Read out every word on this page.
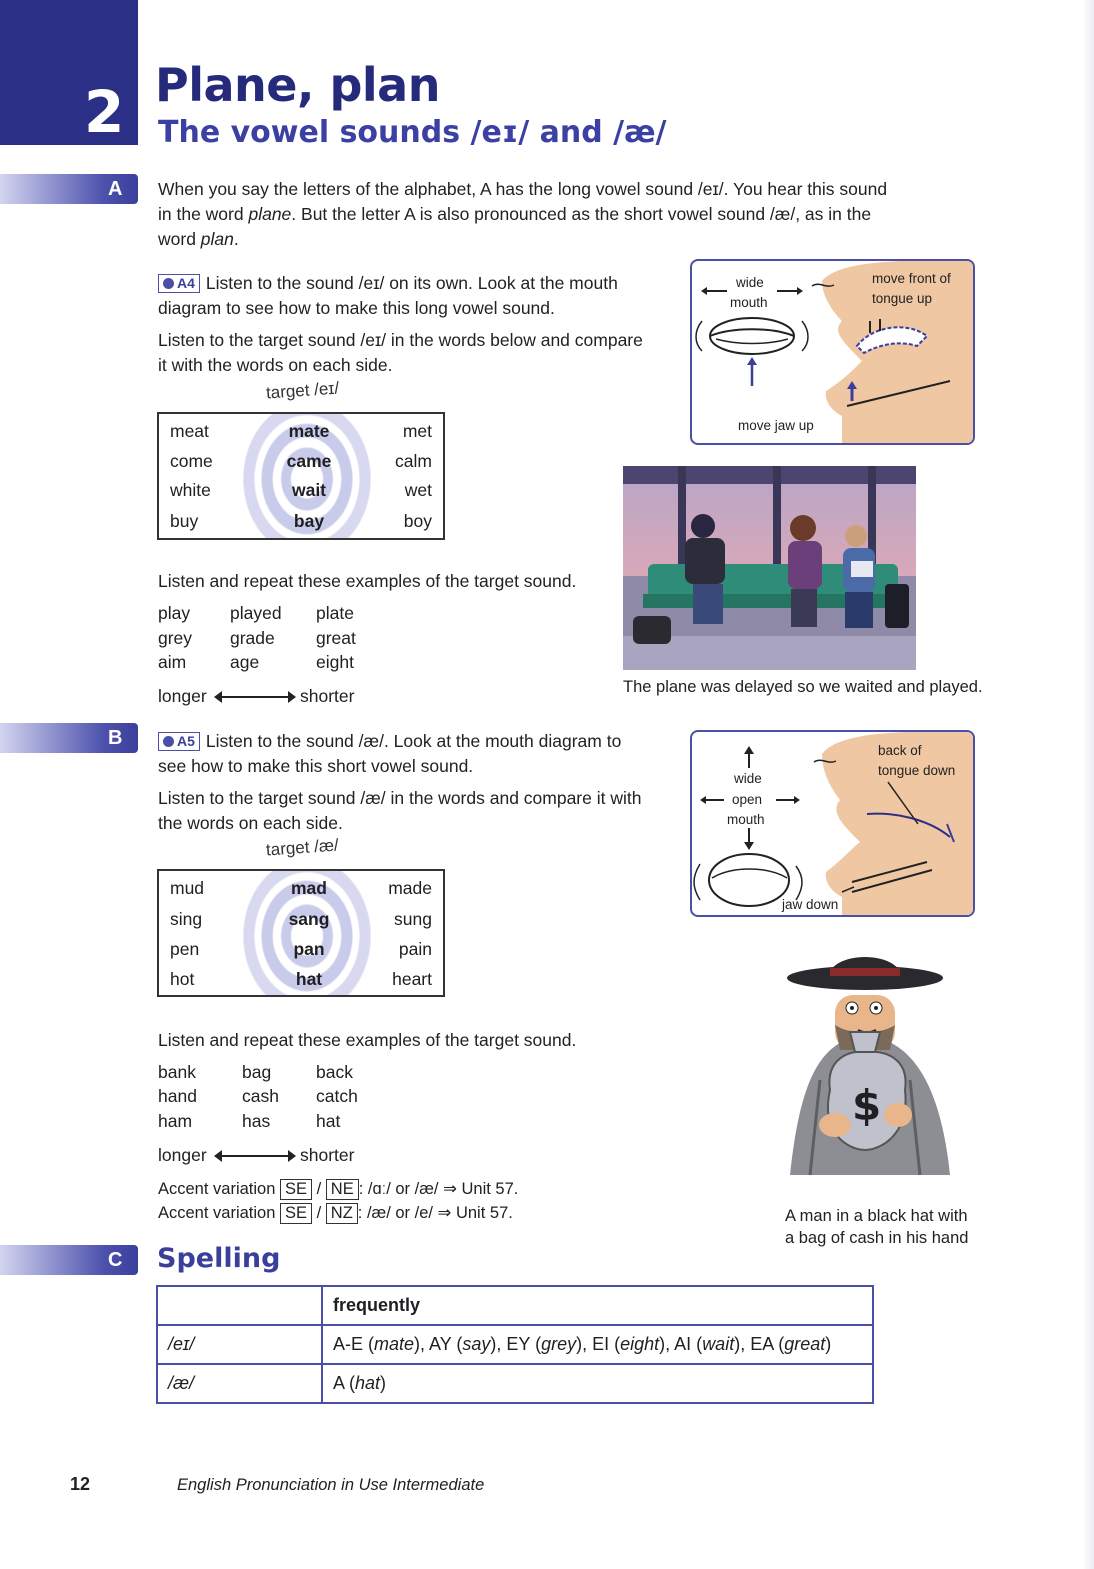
2 Plane, plan
The vowel sounds /eɪ/ and /æ/
A When you say the letters of the alphabet, A has the long vowel sound /eɪ/. You hear this sound
in the word plane. But the letter A is also pronounced as the short vowel sound /æ/, as in the
word plan.
A4 Listen to the sound /eɪ/ on its own. Look at the mouth
diagram to see how to make this long vowel sound.
Listen to the target sound /eɪ/ in the words below and compare
it with the words on each side.
target /eɪ/
meat	mate	met
come	came	calm
white	wait	wet
buy	bay	boy
Listen and repeat these examples of the target sound.
play played plate
grey grade great
aim	age	eight
longer	shorter
wide
mouth
move front of
tongue up
move jaw up
The plane was delayed so we waited and played.
B	A5 Listen to the sound /æ/. Look at the mouth diagram to
see how to make this short vowel sound.
Listen to the target sound /æ/ in the words and compare it with
the words on each side.
target /æ/
mud	mad	made
sing	sang	sung
pen	pan	pain
hot	hat	heart
Listen and repeat these examples of the target sound.
bank	bag	back
hand	cash catch
ham	has	hat
longer	shorter
Accent variation SE / NE : /ɑː/ or /æ/ ⇒ Unit 57.
Accent variation SE / NZ : /æ/ or /e/ ⇒ Unit 57.
wide
open
mouth
back of
tongue down
jaw down
$
A man in a black hat with
a bag of cash in his hand
C Spelling
	frequently
/eɪ/	A-E (mate), AY (say), EY (grey), EI (eight), AI (wait), EA (great)
/æ/	A (hat)
12	English Pronunciation in Use Intermediate
